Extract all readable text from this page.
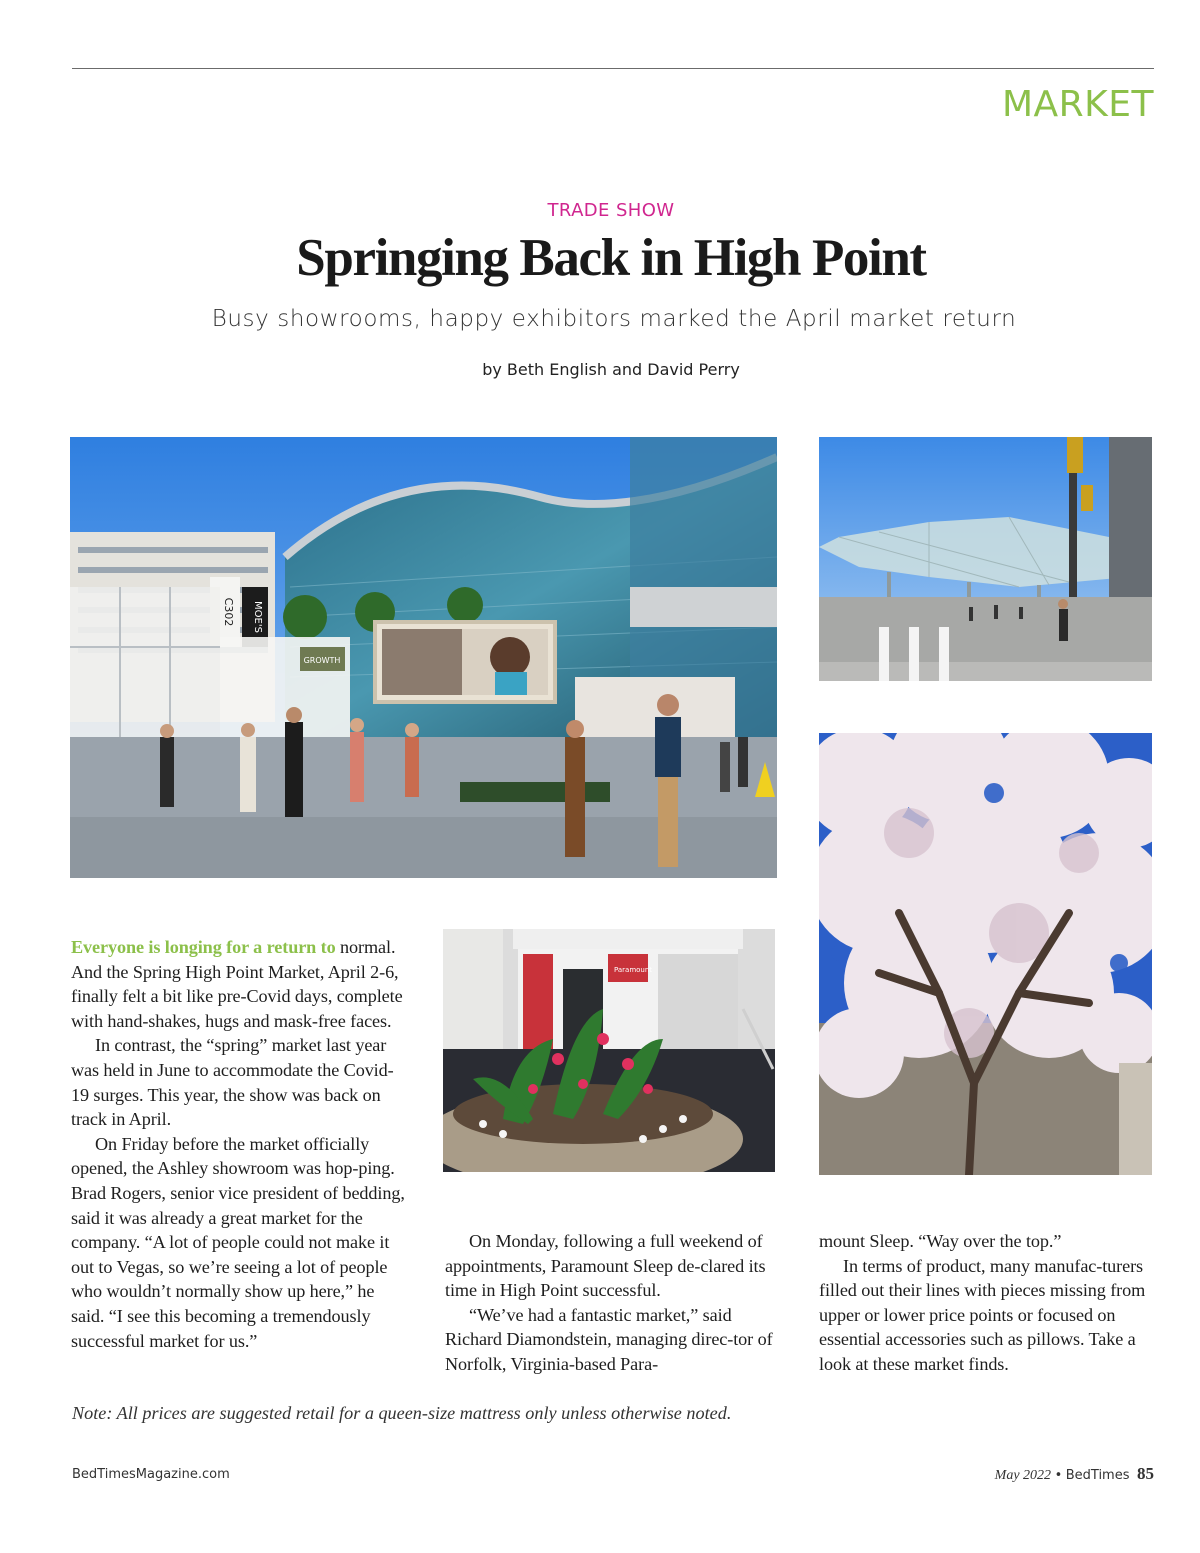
MARKET
TRADE SHOW
Springing Back in High Point
Busy showrooms, happy exhibitors marked the April market return
by Beth English and David Perry
C302 MOE'S
GROWTH
Paramount

Everyone is longing for a return to normal. And the Spring High Point Market, April 2-6, finally felt a bit like pre-Covid days, complete with hand-shakes, hugs and mask-free faces.

In contrast, the “spring” market last year was held in June to accommodate the Covid-19 surges. This year, the show was back on track in April.

On Friday before the market officially opened, the Ashley showroom was hop-ping. Brad Rogers, senior vice president of bedding, said it was already a great market for the company. “A lot of people could not make it out to Vegas, so we’re seeing a lot of people who wouldn’t normally show up here,” he said. “I see this becoming a tremendously successful market for us.”

On Monday, following a full weekend of appointments, Paramount Sleep de-clared its time in High Point successful.

“We’ve had a fantastic market,” said Richard Diamondstein, managing direc-tor of Norfolk, Virginia-based Para-

mount Sleep. “Way over the top.”

In terms of product, many manufac-turers filled out their lines with pieces missing from upper or lower price points or focused on essential accessories such as pillows. Take a look at these market finds.

Note: All prices are suggested retail for a queen-size mattress only unless otherwise noted.
BedTimesMagazine.com	May 2022 • BedTimes 85
